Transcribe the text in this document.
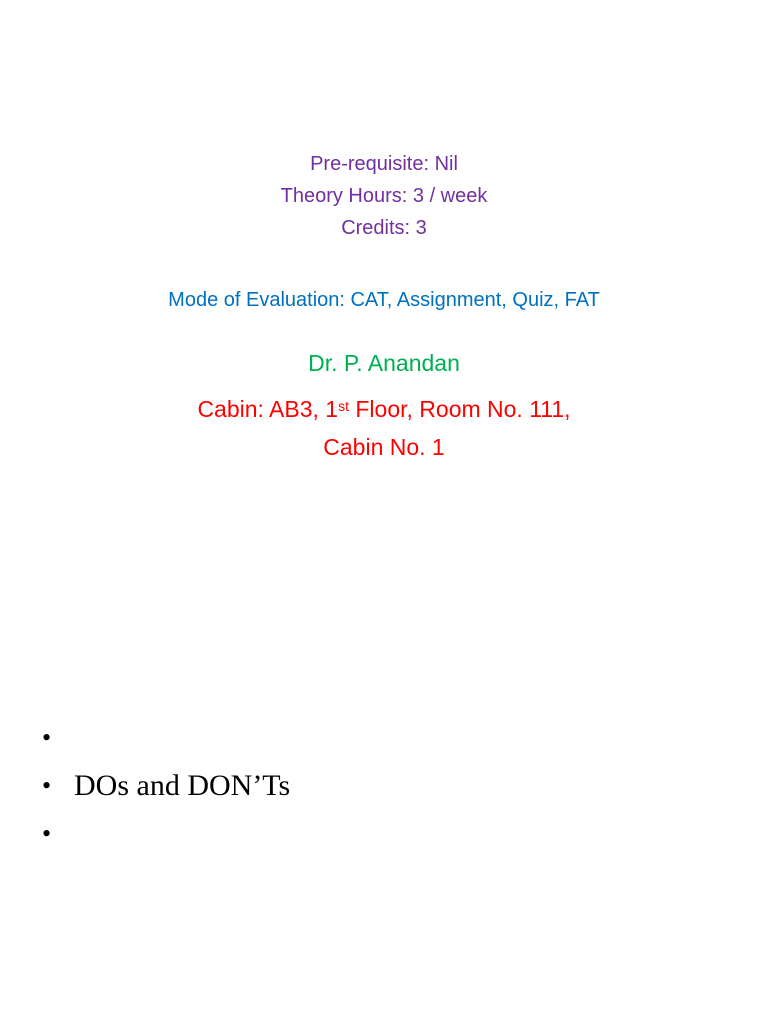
Pre-requisite: Nil

Theory Hours: 3 / week

Credits: 3

Mode of Evaluation: CAT, Assignment, Quiz, FAT

Dr. P. Anandan

Cabin: AB3, 1st Floor, Room No. 111,

Cabin No. 1

•
• DOs and DON’Ts
•
